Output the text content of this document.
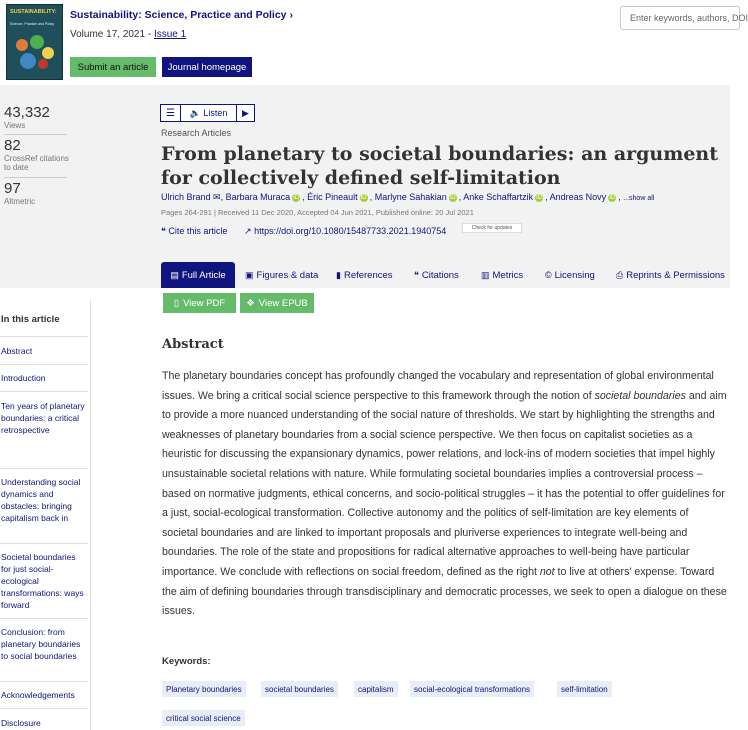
SUSTAINABILITY:
Science, Practice and Policy
Sustainability: Science, Practice and Policy ›
Volume 17, 2021 - Issue 1
Submit an article	Journal homepage
Enter keywords, authors, DOI
43,332
Views
82
CrossRef citations to date
97
Altmetric
☰	🔈 Listen	▶
Research Articles
From planetary to societal boundaries: an argument for collectively defined self-limitation
Ulrich Brand ✉, Barbara Muraca iD , Éric Pineault iD , Marlyne Sahakian iD , Anke Schaffartzik iD , Andreas Novy iD , ...show all
Pages 264-291 | Received 11 Dec 2020, Accepted 04 Jun 2021, Published online: 20 Jul 2021
❝ Cite this article ↗ https://doi.org/10.1080/15487733.2021.1940754	Check for updates
▤ Full Article ▣ Figures & data ▮ References ❝ Citations ▥ Metrics © Licensing ⎙ Reprints & Permissions
▯ View PDF ❖ View EPUB
In this article
Abstract
Introduction
Ten years of planetary boundaries: a critical retrospective
Understanding social dynamics and obstacles: bringing capitalism back in
Societal boundaries for just social-ecological transformations: ways forward
Conclusion: from planetary boundaries to social boundaries
Acknowledgements
Disclosure
Abstract
The planetary boundaries concept has profoundly changed the vocabulary and representation of global environmental issues. We bring a critical social science perspective to this framework through the notion of societal boundaries and aim to provide a more nuanced understanding of the social nature of thresholds. We start by highlighting the strengths and weaknesses of planetary boundaries from a social science perspective. We then focus on capitalist societies as a heuristic for discussing the expansionary dynamics, power relations, and lock-ins of modern societies that impel highly unsustainable societal relations with nature. While formulating societal boundaries implies a controversial process – based on normative judgments, ethical concerns, and socio-political struggles – it has the potential to offer guidelines for a just, social-ecological transformation. Collective autonomy and the politics of self-limitation are key elements of societal boundaries and are linked to important proposals and pluriverse experiences to integrate well-being and boundaries. The role of the state and propositions for radical alternative approaches to well-being have particular importance. We conclude with reflections on social freedom, defined as the right not to live at others' expense. Toward the aim of defining boundaries through transdisciplinary and democratic processes, we seek to open a dialogue on these issues.
Keywords:
Planetary boundaries	societal boundaries	capitalism	social-ecological transformations	self-limitation
critical social science
